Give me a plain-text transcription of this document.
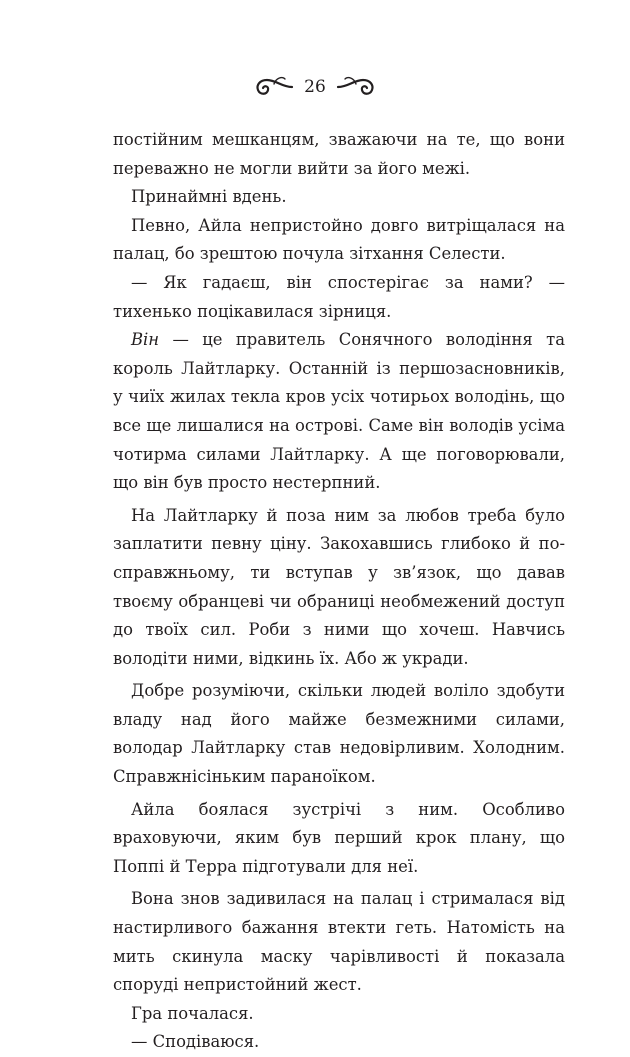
26

постійним мешканцям, зважаючи на те, що вони переважно не могли вийти за його межі.

Принаймні вдень.

Певно, Айла непристойно довго витріщалася на палац, бо зрештою почула зітхання Селести.

— Як гадаєш, він спостерігає за нами? — тихенько поцікавилася зірниця.

Він — це правитель Сонячного володіння та король Лайтларку. Останній із першозасновників, у чиїх жилах текла кров усіх чотирьох володінь, що все ще лишалися на острові. Саме він володів усіма чотирма силами Лайтларку. А ще поговорювали, що він був просто нестерпний.

На Лайтларку й поза ним за любов треба було заплатити певну ціну. Закохавшись глибоко й по-справжньому, ти вступав у зв’язок, що давав твоєму обранцеві чи обраниці необмежений доступ до твоїх сил. Роби з ними що хочеш. Навчись володіти ними, відкинь їх. Або ж укради.

Добре розуміючи, скільки людей воліло здобути владу над його майже безмежними силами, володар Лайтларку став недовірливим. Холодним. Справжнісіньким параноїком.

Айла боялася зустрічі з ним. Особливо враховуючи, яким був перший крок плану, що Поппі й Терра підготували для неї.

Вона знов задивилася на палац і стрималася від настирливого бажання втекти геть. Натомість на мить скинула маску чарівливості й показала споруді непристойний жест.

Гра почалася.

— Сподіваюся.
